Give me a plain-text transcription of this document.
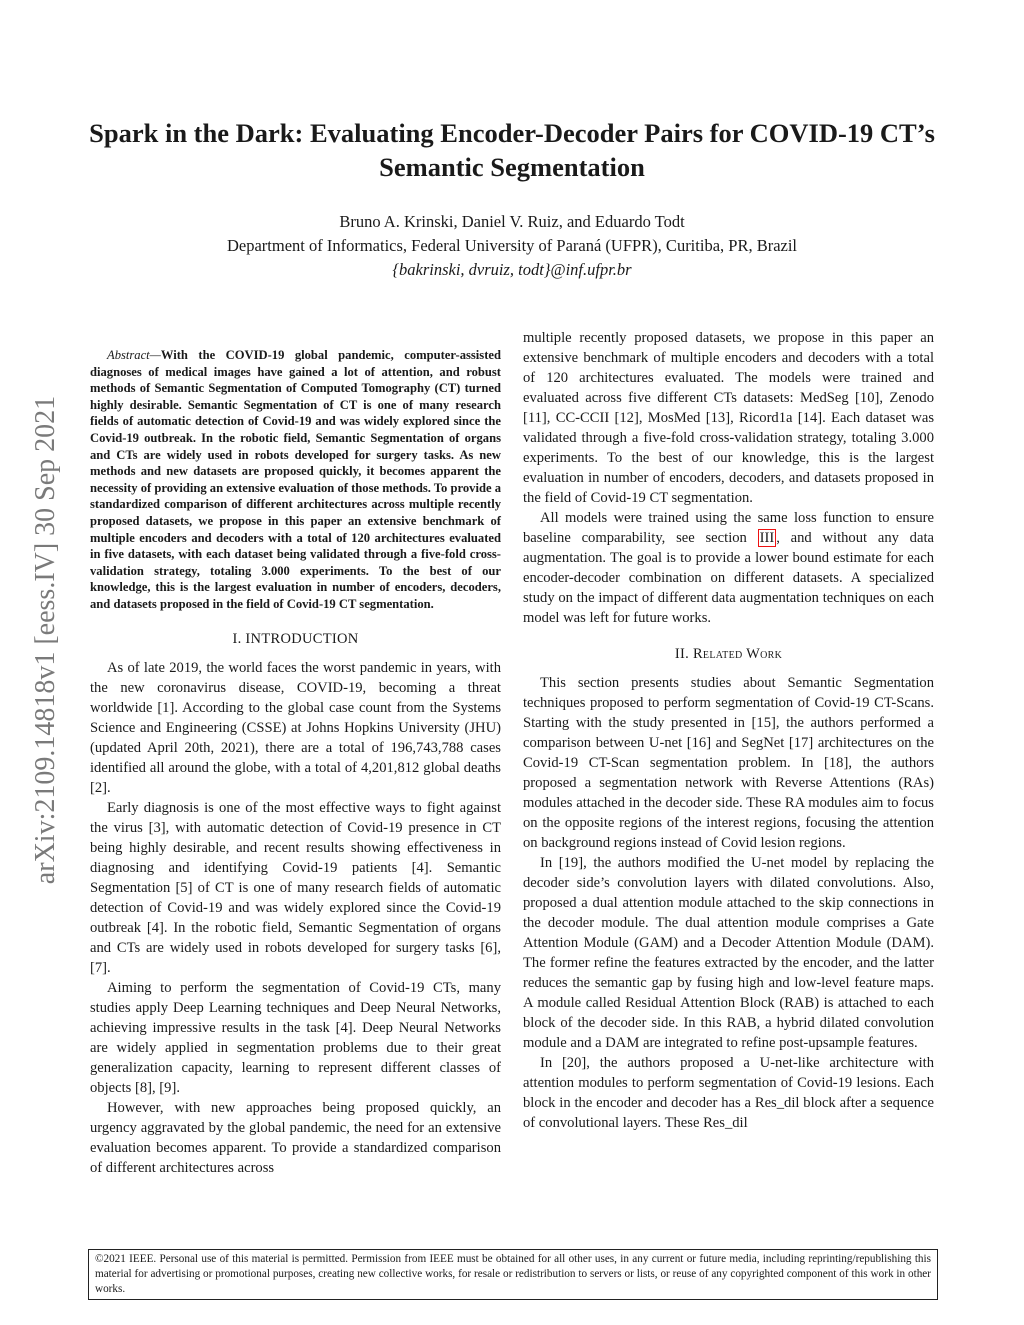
arXiv:2109.14818v1 [eess.IV] 30 Sep 2021
Spark in the Dark: Evaluating Encoder-Decoder Pairs for COVID-19 CT’s Semantic Segmentation
Bruno A. Krinski, Daniel V. Ruiz, and Eduardo Todt
Department of Informatics, Federal University of Paraná (UFPR), Curitiba, PR, Brazil
{bakrinski, dvruiz, todt}@inf.ufpr.br

Abstract—With the COVID-19 global pandemic, computer-assisted diagnoses of medical images have gained a lot of attention, and robust methods of Semantic Segmentation of Computed Tomography (CT) turned highly desirable. Semantic Segmentation of CT is one of many research fields of automatic detection of Covid-19 and was widely explored since the Covid-19 outbreak. In the robotic field, Semantic Segmentation of organs and CTs are widely used in robots developed for surgery tasks. As new methods and new datasets are proposed quickly, it becomes apparent the necessity of providing an extensive evaluation of those methods. To provide a standardized comparison of different architectures across multiple recently proposed datasets, we propose in this paper an extensive benchmark of multiple encoders and decoders with a total of 120 architectures evaluated in five datasets, with each dataset being validated through a five-fold cross-validation strategy, totaling 3.000 experiments. To the best of our knowledge, this is the largest evaluation in number of encoders, decoders, and datasets proposed in the field of Covid-19 CT segmentation.

I. INTRODUCTION

As of late 2019, the world faces the worst pandemic in years, with the new coronavirus disease, COVID-19, becoming a threat worldwide [1]. According to the global case count from the Systems Science and Engineering (CSSE) at Johns Hopkins University (JHU) (updated April 20th, 2021), there are a total of 196,743,788 cases identified all around the globe, with a total of 4,201,812 global deaths [2].

Early diagnosis is one of the most effective ways to fight against the virus [3], with automatic detection of Covid-19 presence in CT being highly desirable, and recent results showing effectiveness in diagnosing and identifying Covid-19 patients [4]. Semantic Segmentation [5] of CT is one of many research fields of automatic detection of Covid-19 and was widely explored since the Covid-19 outbreak [4]. In the robotic field, Semantic Segmentation of organs and CTs are widely used in robots developed for surgery tasks [6], [7].

Aiming to perform the segmentation of Covid-19 CTs, many studies apply Deep Learning techniques and Deep Neural Networks, achieving impressive results in the task [4]. Deep Neural Networks are widely applied in segmentation problems due to their great generalization capacity, learning to represent different classes of objects [8], [9].

However, with new approaches being proposed quickly, an urgency aggravated by the global pandemic, the need for an extensive evaluation becomes apparent. To provide a standardized comparison of different architectures across

multiple recently proposed datasets, we propose in this paper an extensive benchmark of multiple encoders and decoders with a total of 120 architectures evaluated. The models were trained and evaluated across five different CTs datasets: MedSeg [10], Zenodo [11], CC-CCII [12], MosMed [13], Ricord1a [14]. Each dataset was validated through a five-fold cross-validation strategy, totaling 3.000 experiments. To the best of our knowledge, this is the largest evaluation in number of encoders, decoders, and datasets proposed in the field of Covid-19 CT segmentation.

All models were trained using the same loss function to ensure baseline comparability, see section III , and without any data augmentation. The goal is to provide a lower bound estimate for each encoder-decoder combination on different datasets. A specialized study on the impact of different data augmentation techniques on each model was left for future works.

II. Related Work

This section presents studies about Semantic Segmentation techniques proposed to perform segmentation of Covid-19 CT-Scans. Starting with the study presented in [15], the authors performed a comparison between U-net [16] and SegNet [17] architectures on the Covid-19 CT-Scan segmentation problem. In [18], the authors proposed a segmentation network with Reverse Attentions (RAs) modules attached in the decoder side. These RA modules aim to focus on the opposite regions of the interest regions, focusing the attention on background regions instead of Covid lesion regions.

In [19], the authors modified the U-net model by replacing the decoder side’s convolution layers with dilated convolutions. Also, proposed a dual attention module attached to the skip connections in the decoder module. The dual attention module comprises a Gate Attention Module (GAM) and a Decoder Attention Module (DAM). The former refine the features extracted by the encoder, and the latter reduces the semantic gap by fusing high and low-level feature maps. A module called Residual Attention Block (RAB) is attached to each block of the decoder side. In this RAB, a hybrid dilated convolution module and a DAM are integrated to refine post-upsample features.

In [20], the authors proposed a U-net-like architecture with attention modules to perform segmentation of Covid-19 lesions. Each block in the encoder and decoder has a Res_dil block after a sequence of convolutional layers. These Res_dil

©2021 IEEE. Personal use of this material is permitted. Permission from IEEE must be obtained for all other uses, in any current or future media, including reprinting/republishing this material for advertising or promotional purposes, creating new collective works, for resale or redistribution to servers or lists, or reuse of any copyrighted component of this work in other works.
